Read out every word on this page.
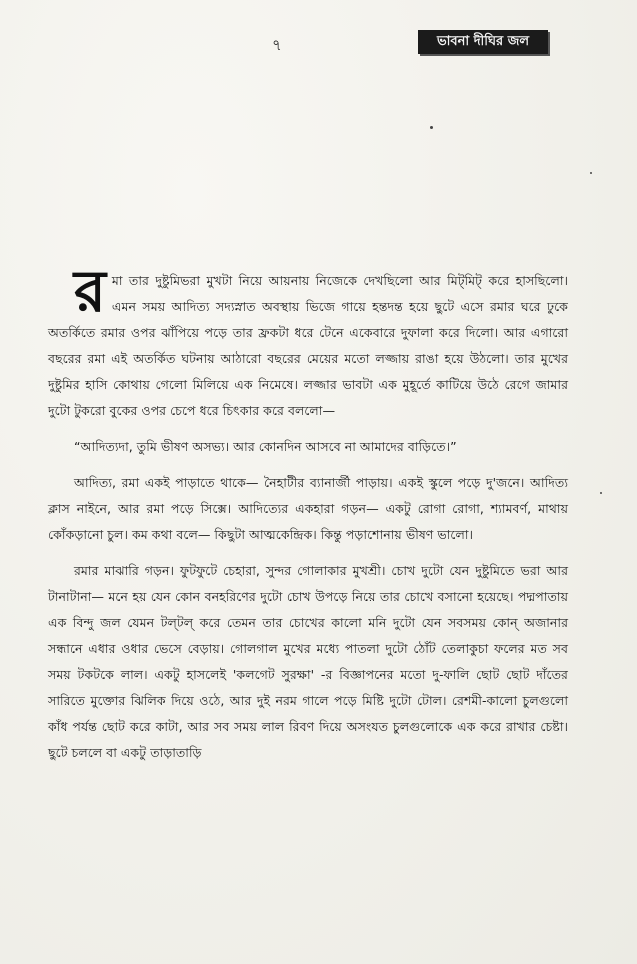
৭	ভাবনা দীঘির জল

রমা তার দুষ্টুমিভরা মুখটা নিয়ে আয়নায় নিজেকে দেখছিলো আর মিট্‌মিট্‌ করে হাসছিলো। এমন সময় আদিত্য সদ্যস্নাত অবস্থায় ভিজে গায়ে হন্তদন্ত হয়ে ছুটে এসে রমার ঘরে ঢুকে অতর্কিতে রমার ওপর ঝাঁপিয়ে পড়ে তার ফ্রকটা ধরে টেনে একেবারে দুফালা করে দিলো। আর এগারো বছরের রমা এই অতর্কিত ঘটনায় আঠারো বছরের মেয়ের মতো লজ্জায় রাঙা হয়ে উঠলো। তার মুখের দুষ্টুমির হাসি কোথায় গেলো মিলিয়ে এক নিমেষে। লজ্জার ভাবটা এক মুহূর্তে কাটিয়ে উঠে রেগে জামার দুটো টুকরো বুকের ওপর চেপে ধরে চিৎকার করে বললো—

“আদিত্যদা, তুমি ভীষণ অসভ্য। আর কোনদিন আসবে না আমাদের বাড়িতে।”

আদিত্য, রমা একই পাড়াতে থাকে— নৈহাটীর ব্যানার্জী পাড়ায়। একই স্কুলে পড়ে দু'জনে। আদিত্য ক্লাস নাইনে, আর রমা পড়ে সিক্সে। আদিত্যের একহারা গড়ন— একটু রোগা রোগা, শ্যামবর্ণ, মাথায় কোঁকড়ানো চুল। কম কথা বলে— কিছুটা আত্মকেন্দ্রিক। কিন্তু পড়াশোনায় ভীষণ ভালো।

রমার মাঝারি গড়ন। ফুটফুটে চেহারা, সুন্দর গোলাকার মুখশ্রী। চোখ দুটো যেন দুষ্টুমিতে ভরা আর টানাটানা— মনে হয় যেন কোন বনহরিণের দুটো চোখ উপড়ে নিয়ে তার চোখে বসানো হয়েছে। পদ্মপাতায় এক বিন্দু জল যেমন টল্‌টল্‌ করে তেমন তার চোখের কালো মনি দুটো যেন সবসময় কোন্‌ অজানার সন্ধানে এধার ওধার ভেসে বেড়ায়। গোলগাল মুখের মধ্যে পাতলা দুটো ঠোঁট তেলাকুচা ফলের মত সব সময় টকটকে লাল। একটু হাসলেই 'কলগেট সুরক্ষা' -র বিজ্ঞাপনের মতো দু-ফালি ছোট ছোট দাঁতের সারিতে মুক্তোর ঝিলিক দিয়ে ওঠে, আর দুই নরম গালে পড়ে মিষ্টি দুটো টোল। রেশমী-কালো চুলগুলো কাঁধ পর্যন্ত ছোট করে কাটা, আর সব সময় লাল রিবণ দিয়ে অসংযত চুলগুলোকে এক করে রাখার চেষ্টা। ছুটে চললে বা একটু তাড়াতাড়ি
